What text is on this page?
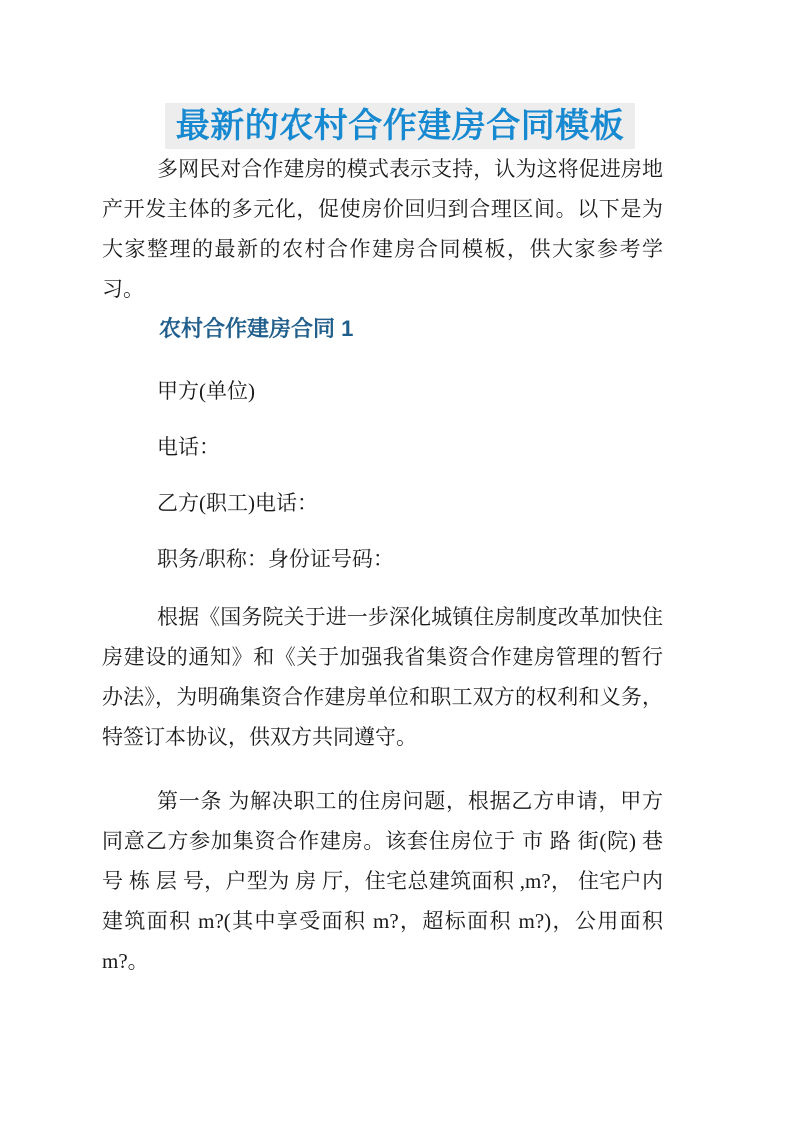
最新的农村合作建房合同模板

多网民对合作建房的模式表示支持，认为这将促进房地产开发主体的多元化，促使房价回归到合理区间。以下是为大家整理的最新的农村合作建房合同模板，供大家参考学习。

农村合作建房合同 1

甲方(单位)

电话：

乙方(职工)电话：

职务/职称：身份证号码：

根据《国务院关于进一步深化城镇住房制度改革加快住房建设的通知》和《关于加强我省集资合作建房管理的暂行办法》，为明确集资合作建房单位和职工双方的权利和义务，特签订本协议，供双方共同遵守。

第一条 为解决职工的住房问题，根据乙方申请，甲方同意乙方参加集资合作建房。该套住房位于 市 路 街(院) 巷 号 栋 层 号，户型为 房 厅，住宅总建筑面积 ,m?， 住宅户内建筑面积 m?(其中享受面积 m?，超标面积 m?)，公用面积 m?。
